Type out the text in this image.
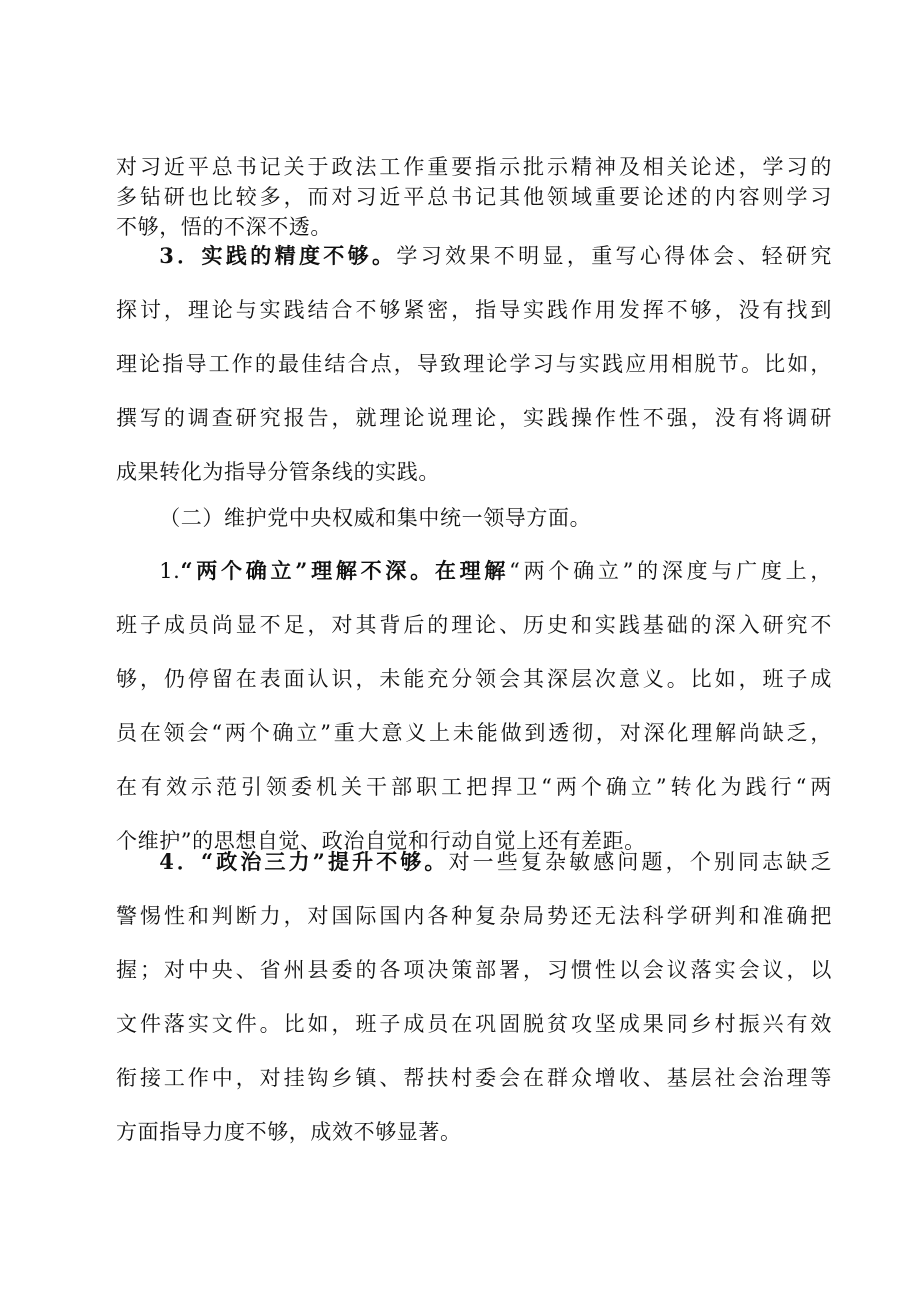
对习近平总书记关于政法工作重要指示批示精神及相关论述，学习的
多钻研也比较多，而对习近平总书记其他领域重要论述的内容则学习
不够，悟的不深不透。
  3．实践的精度不够。学习效果不明显，重写心得体会、轻研究
探讨，理论与实践结合不够紧密，指导实践作用发挥不够，没有找到
理论指导工作的最佳结合点，导致理论学习与实践应用相脱节。比如，
撰写的调查研究报告，就理论说理论，实践操作性不强，没有将调研
成果转化为指导分管条线的实践。
  （二）维护党中央权威和集中统一领导方面。
  1.“两个确立”理解不深。在理解“两个确立”的深度与广度上，
班子成员尚显不足，对其背后的理论、历史和实践基础的深入研究不
够，仍停留在表面认识，未能充分领会其深层次意义。比如，班子成
员在领会“两个确立”重大意义上未能做到透彻，对深化理解尚缺乏，
在有效示范引领委机关干部职工把捍卫“两个确立”转化为践行“两
个维护”的思想自觉、政治自觉和行动自觉上还有差距。
  4．“政治三力”提升不够。对一些复杂敏感问题，个别同志缺乏
警惕性和判断力，对国际国内各种复杂局势还无法科学研判和准确把
握；对中央、省州县委的各项决策部署，习惯性以会议落实会议，以
文件落实文件。比如，班子成员在巩固脱贫攻坚成果同乡村振兴有效
衔接工作中，对挂钩乡镇、帮扶村委会在群众增收、基层社会治理等
方面指导力度不够，成效不够显著。
